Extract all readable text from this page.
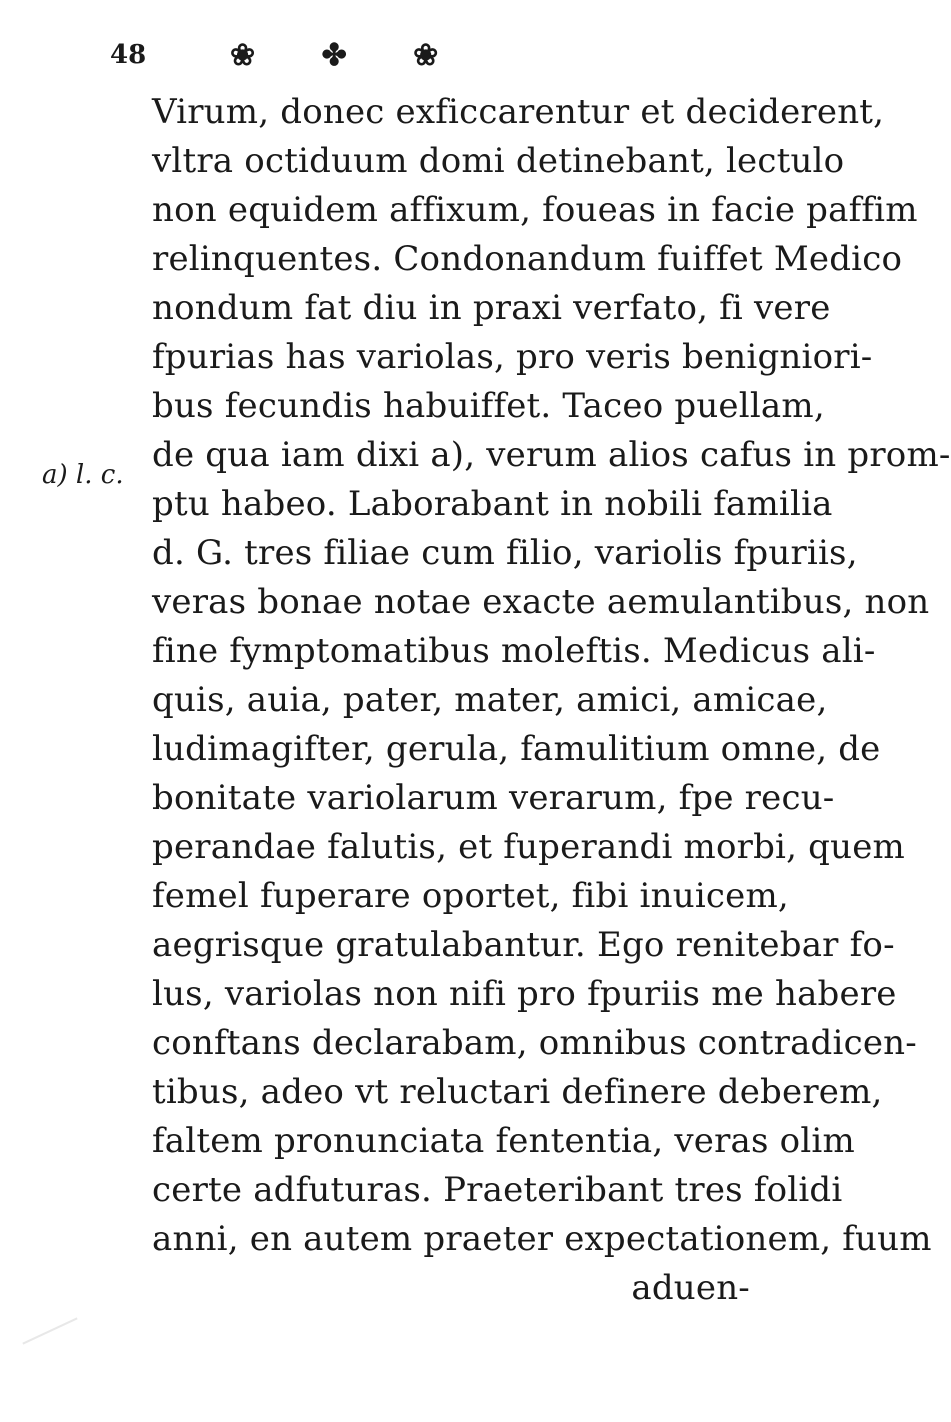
48	❀ ✤ ❀
a) l. c.
Virum, donec exficcarentur et deciderent,
vltra octiduum domi detinebant, lectulo
non equidem affixum, foueas in facie paffim
relinquentes. Condonandum fuiffet Medico
nondum fat diu in praxi verfato, fi vere
fpurias has variolas, pro veris benigniori-
bus fecundis habuiffet. Taceo puellam,
de qua iam dixi a), verum alios cafus in prom-
ptu habeo. Laborabant in nobili familia
d. G. tres filiae cum filio, variolis fpuriis,
veras bonae notae exacte aemulantibus, non
fine fymptomatibus moleftis. Medicus ali-
quis, auia, pater, mater, amici, amicae,
ludimagifter, gerula, famulitium omne, de
bonitate variolarum verarum, fpe recu-
perandae falutis, et fuperandi morbi, quem
femel fuperare oportet, fibi inuicem,
aegrisque gratulabantur. Ego renitebar fo-
lus, variolas non nifi pro fpuriis me habere
conftans declarabam, omnibus contradicen-
tibus, adeo vt reluctari definere deberem,
faltem pronunciata fententia, veras olim
certe adfuturas. Praeteribant tres folidi
anni, en autem praeter expectationem, fuum
aduen-
